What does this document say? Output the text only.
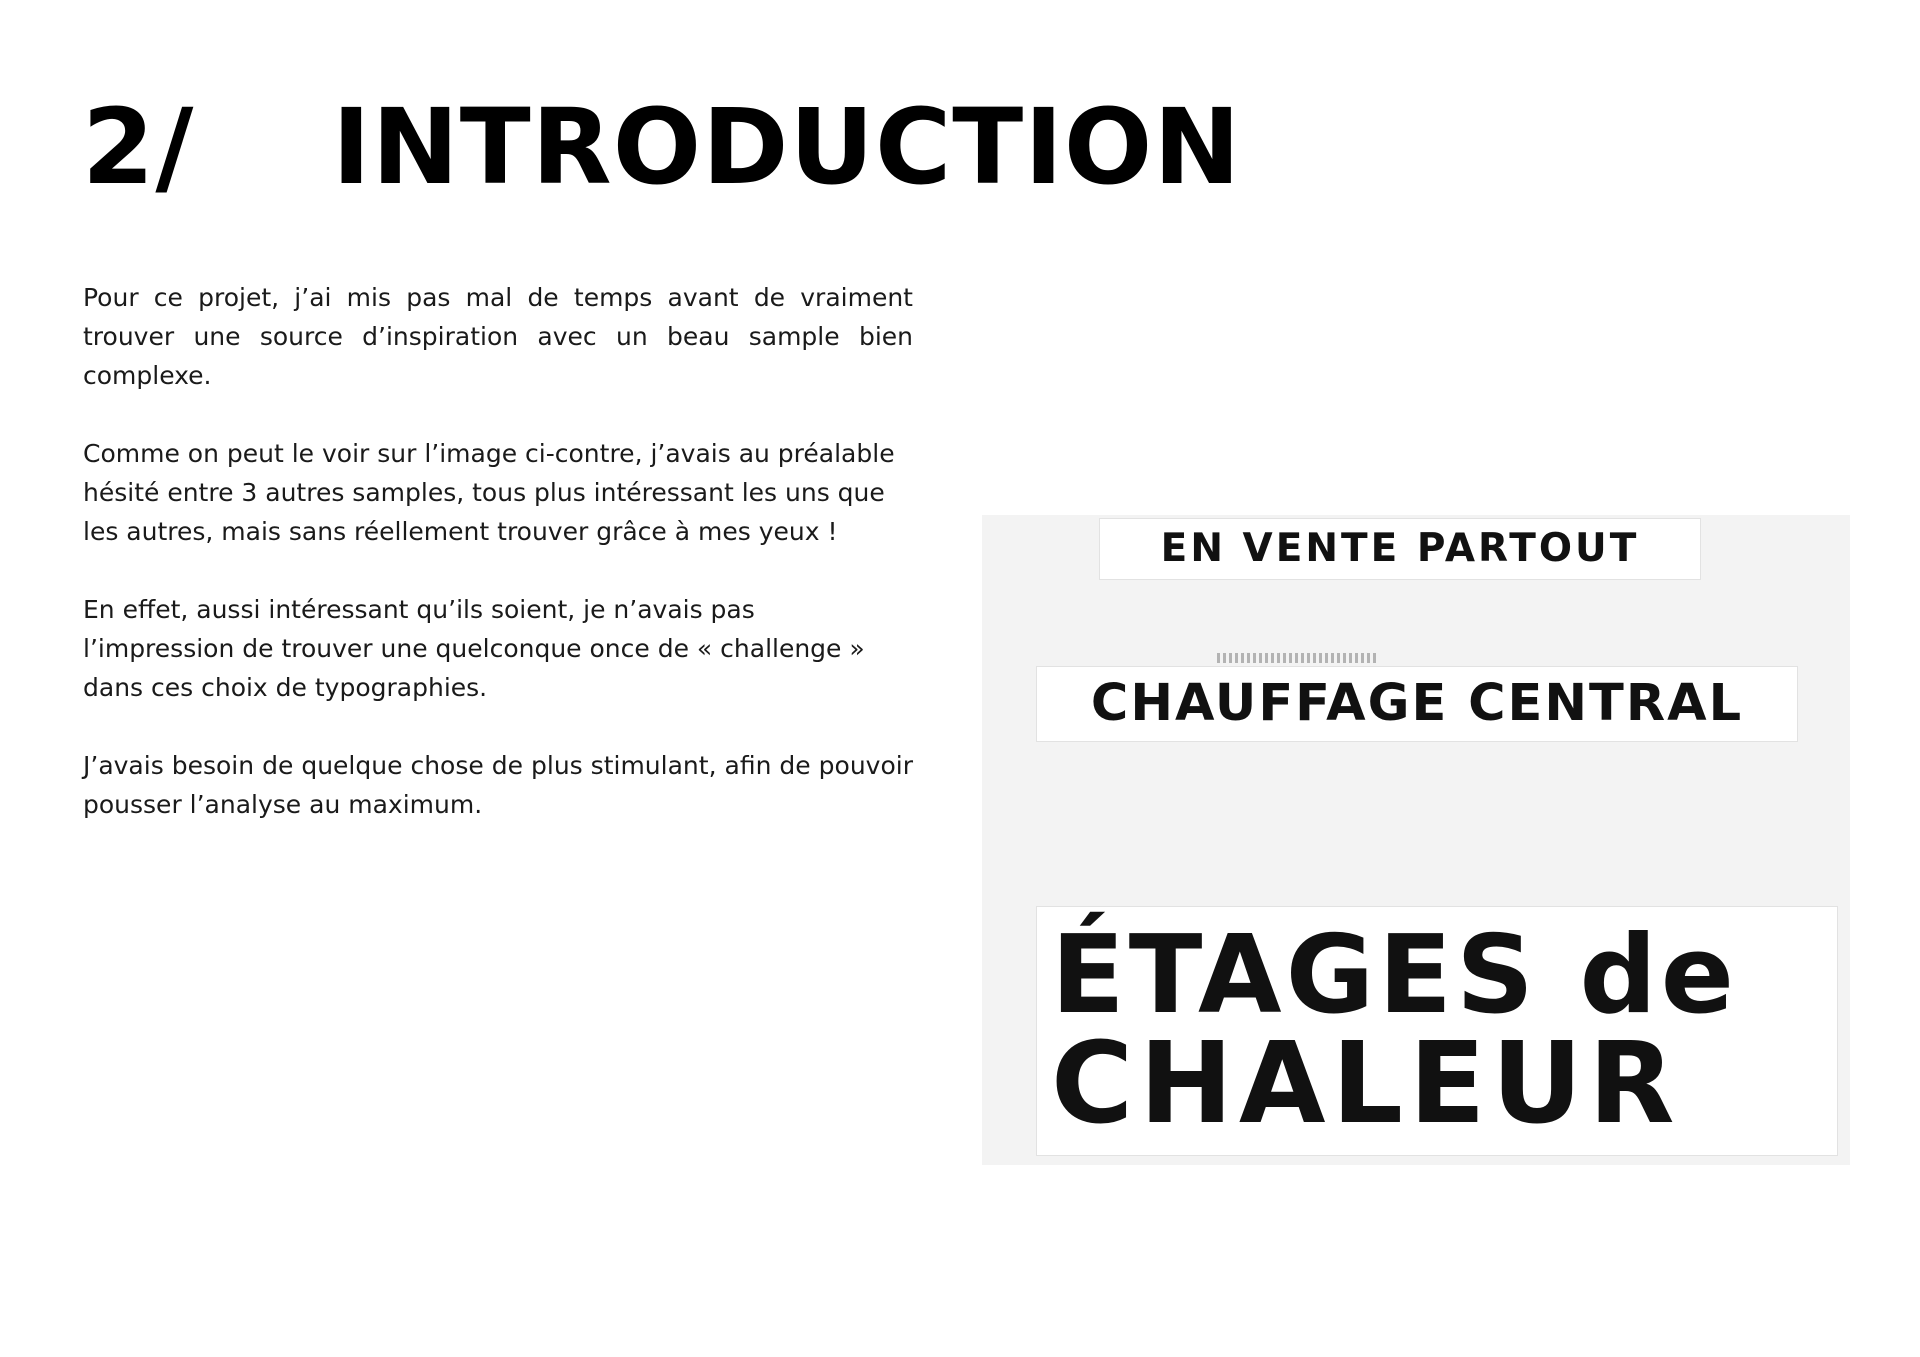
2/ INTRODUCTION

Pour ce projet, j’ai mis pas mal de temps avant de vraiment trouver une source d’inspiration avec un beau sample bien complexe.

Comme on peut le voir sur l’image ci-contre, j’avais au préalable hésité entre 3 autres samples, tous plus intéressant les uns que les autres, mais sans réellement trouver grâce à mes yeux !

En effet, aussi intéressant qu’ils soient, je n’avais pas l’impression de trouver une quelconque once de « challenge » dans ces choix de typographies.

J’avais besoin de quelque chose de plus stimulant, afin de pouvoir pousser l’analyse au maximum.

EN VENTE PARTOUT
CHAUFFAGE CENTRAL
ÉTAGES de
CHALEUR
